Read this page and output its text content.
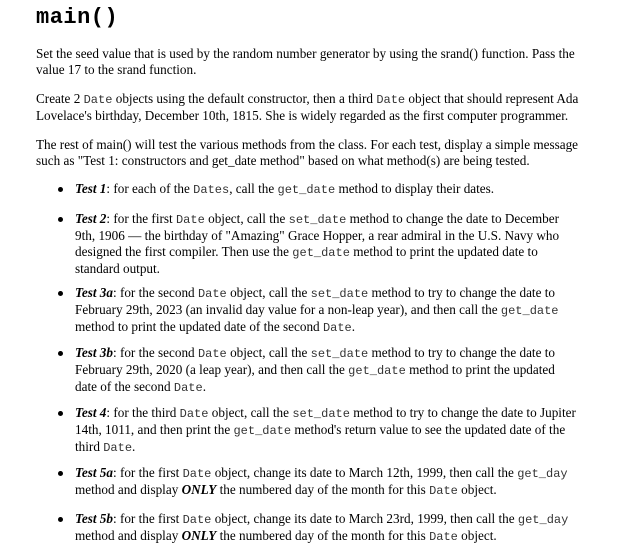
main()

Set the seed value that is used by the random number generator by using the srand() function. Pass the value 17 to the srand function.

Create 2 Date objects using the default constructor, then a third Date object that should represent Ada Lovelace's birthday, December 10th, 1815. She is widely regarded as the first computer programmer.

The rest of main() will test the various methods from the class. For each test, display a simple message such as "Test 1: constructors and get_date method" based on what method(s) are being tested.

Test 1: for each of the Dates, call the get_date method to display their dates.
Test 2: for the first Date object, call the set_date method to change the date to December 9th, 1906 — the birthday of "Amazing" Grace Hopper, a rear admiral in the U.S. Navy who designed the first compiler. Then use the get_date method to print the updated date to standard output.
Test 3a: for the second Date object, call the set_date method to try to change the date to February 29th, 2023 (an invalid day value for a non-leap year), and then call the get_date method to print the updated date of the second Date.
Test 3b: for the second Date object, call the set_date method to try to change the date to February 29th, 2020 (a leap year), and then call the get_date method to print the updated date of the second Date.
Test 4: for the third Date object, call the set_date method to try to change the date to Jupiter 14th, 1011, and then print the get_date method's return value to see the updated date of the third Date.
Test 5a: for the first Date object, change its date to March 12th, 1999, then call the get_day method and display ONLY the numbered day of the month for this Date object.
Test 5b: for the first Date object, change its date to March 23rd, 1999, then call the get_day method and display ONLY the numbered day of the month for this Date object.
